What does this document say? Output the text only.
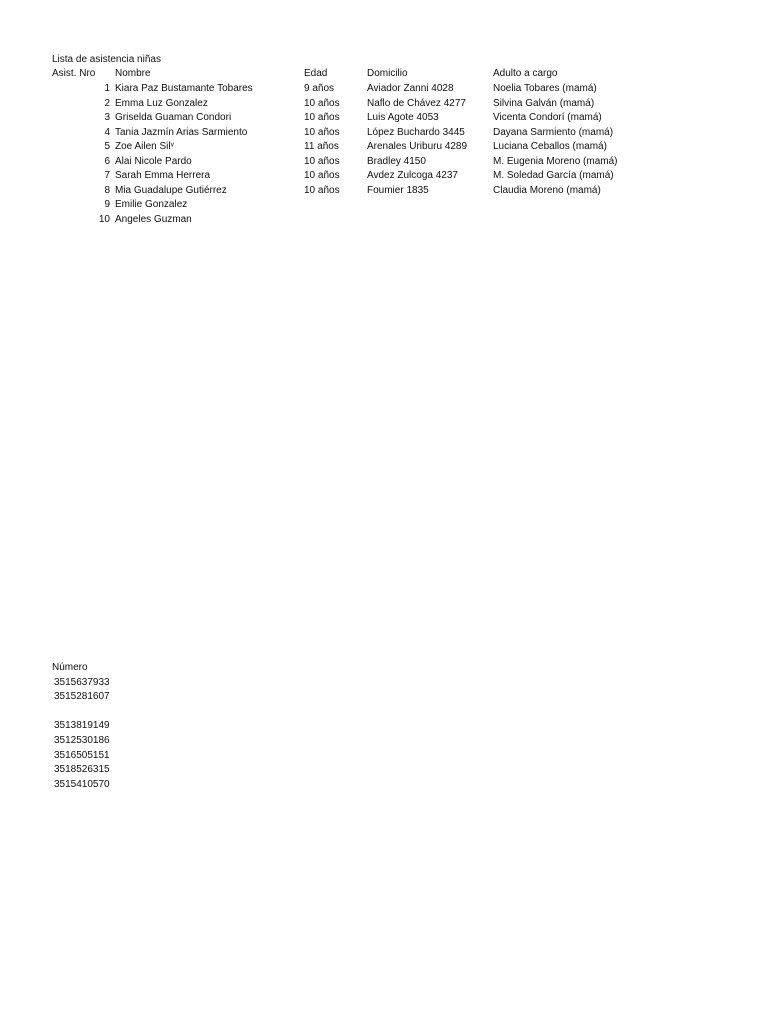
Lista de asistencia niñas
Asist. Nro Nombre	Edad	Domicilio	Adulto a cargo
1 Kiara Paz Bustamante Tobares	9 años	Aviador Zanni 4028	Noelia Tobares (mamá)
2 Emma Luz Gonzalez	10 años	Naflo de Chávez 4277	Silvina Galván (mamá)
3 Griselda Guaman Condori	10 años	Luis Agote 4053	Vicenta Condorí (mamá)
4 Tania Jazmín Arias Sarmiento	10 años	López Buchardo 3445	Dayana Sarmiento (mamá)
5 Zoe Ailen Silᵛ	11 años	Arenales Uriburu 4289	Luciana Ceballos (mamá)
6 Alai Nicole Pardo	10 años	Bradley 4150	M. Eugenia Moreno (mamá)
7 Sarah Emma Herrera	10 años	Avdez Zulcoga 4237	M. Soledad García (mamá)
8 Mia Guadalupe Gutiérrez	10 años	Foumier 1835	Claudia Moreno (mamá)
9 Emilie Gonzalez
10 Angeles Guzman
Número
3515637933
3515281607
3513819149
3512530186
3516505151
3518526315
3515410570
